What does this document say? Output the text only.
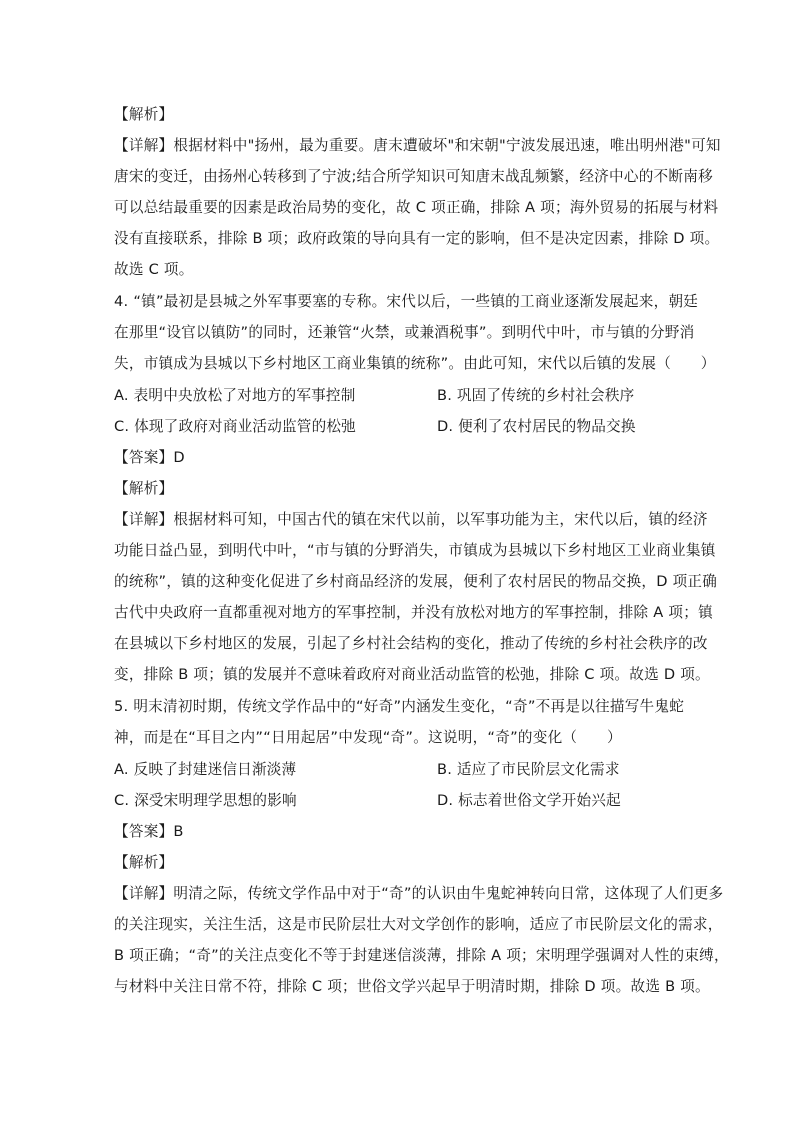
【解析】
【详解】根据材料中"扬州，最为重要。唐末遭破坏"和宋朝"宁波发展迅速，唯出明州港"可知
唐宋的变迁，由扬州心转移到了宁波;结合所学知识可知唐末战乱频繁，经济中心的不断南移
可以总结最重要的因素是政治局势的变化，故 C 项正确，排除 A 项；海外贸易的拓展与材料
没有直接联系，排除 B 项；政府政策的导向具有一定的影响，但不是决定因素，排除 D 项。
故选 C 项。
4. “镇”最初是县城之外军事要塞的专称。宋代以后，一些镇的工商业逐渐发展起来，朝廷
在那里“设官以镇防”的同时，还兼管“火禁，或兼酒税事”。到明代中叶，市与镇的分野消
失，市镇成为县城以下乡村地区工商业集镇的统称”。由此可知，宋代以后镇的发展（　　）
A. 表明中央放松了对地方的军事控制	B. 巩固了传统的乡村社会秩序
C. 体现了政府对商业活动监管的松弛	D. 便利了农村居民的物品交换
【答案】D
【解析】
【详解】根据材料可知，中国古代的镇在宋代以前，以军事功能为主，宋代以后，镇的经济
功能日益凸显，到明代中叶，“市与镇的分野消失，市镇成为县城以下乡村地区工业商业集镇
的统称”，镇的这种变化促进了乡村商品经济的发展，便利了农村居民的物品交换，D 项正确
古代中央政府一直都重视对地方的军事控制，并没有放松对地方的军事控制，排除 A 项；镇
在县城以下乡村地区的发展，引起了乡村社会结构的变化，推动了传统的乡村社会秩序的改
变，排除 B 项；镇的发展并不意味着政府对商业活动监管的松弛，排除 C 项。故选 D 项。
5. 明末清初时期，传统文学作品中的“好奇”内涵发生变化，“奇”不再是以往描写牛鬼蛇
神，而是在“耳目之内”“日用起居”中发现“奇”。这说明，“奇”的变化（　　）
A. 反映了封建迷信日渐淡薄	B. 适应了市民阶层文化需求
C. 深受宋明理学思想的影响	D. 标志着世俗文学开始兴起
【答案】B
【解析】
【详解】明清之际，传统文学作品中对于“奇”的认识由牛鬼蛇神转向日常，这体现了人们更多
的关注现实，关注生活，这是市民阶层壮大对文学创作的影响，适应了市民阶层文化的需求，
B 项正确；“奇”的关注点变化不等于封建迷信淡薄，排除 A 项；宋明理学强调对人性的束缚，
与材料中关注日常不符，排除 C 项；世俗文学兴起早于明清时期，排除 D 项。故选 B 项。
